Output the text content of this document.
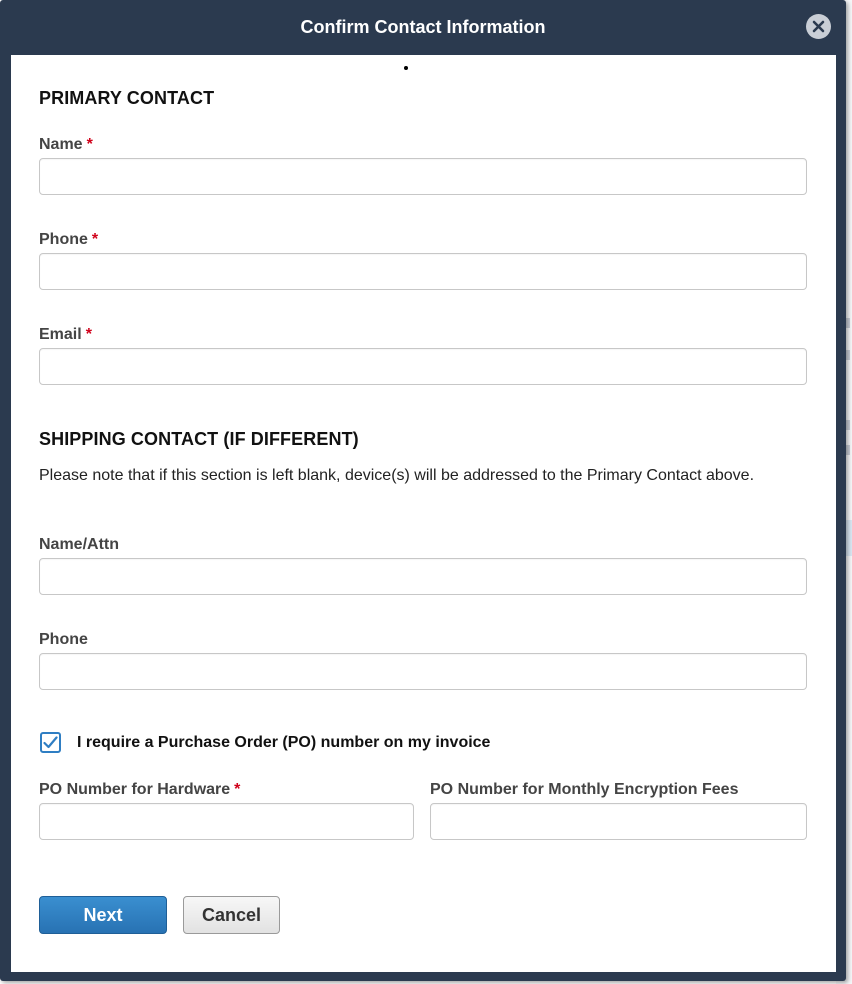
Confirm Contact Information
PRIMARY CONTACT
Name *
Phone *
Email *
SHIPPING CONTACT (IF DIFFERENT)
Please note that if this section is left blank, device(s) will be addressed to the Primary Contact above.
Name/Attn
Phone
I require a Purchase Order (PO) number on my invoice
PO Number for Hardware *	PO Number for Monthly Encryption Fees
Next	Cancel
